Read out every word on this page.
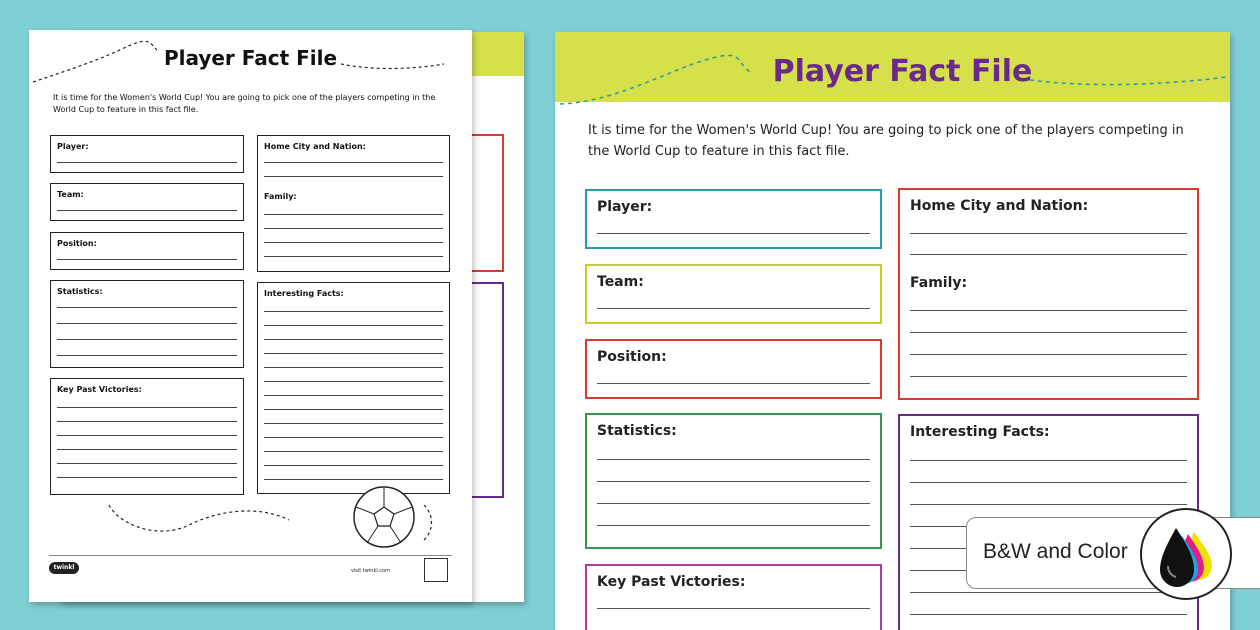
Player Fact File
It is time for the Women's World Cup! You are going to pick one of the players competing in the World Cup to feature in this fact file.
Player:
Team:
Position:
Statistics:
Key Past Victories:
Home City and Nation:
Family:
Interesting Facts:
twinkl	visit twinkl.com
Player Fact File
It is time for the Women's World Cup! You are going to pick one of the players competing in the World Cup to feature in this fact file.
Player:
Team:
Position:
Statistics:
Key Past Victories:
Home City and Nation:
Family:
Interesting Facts:
B&W and Color
